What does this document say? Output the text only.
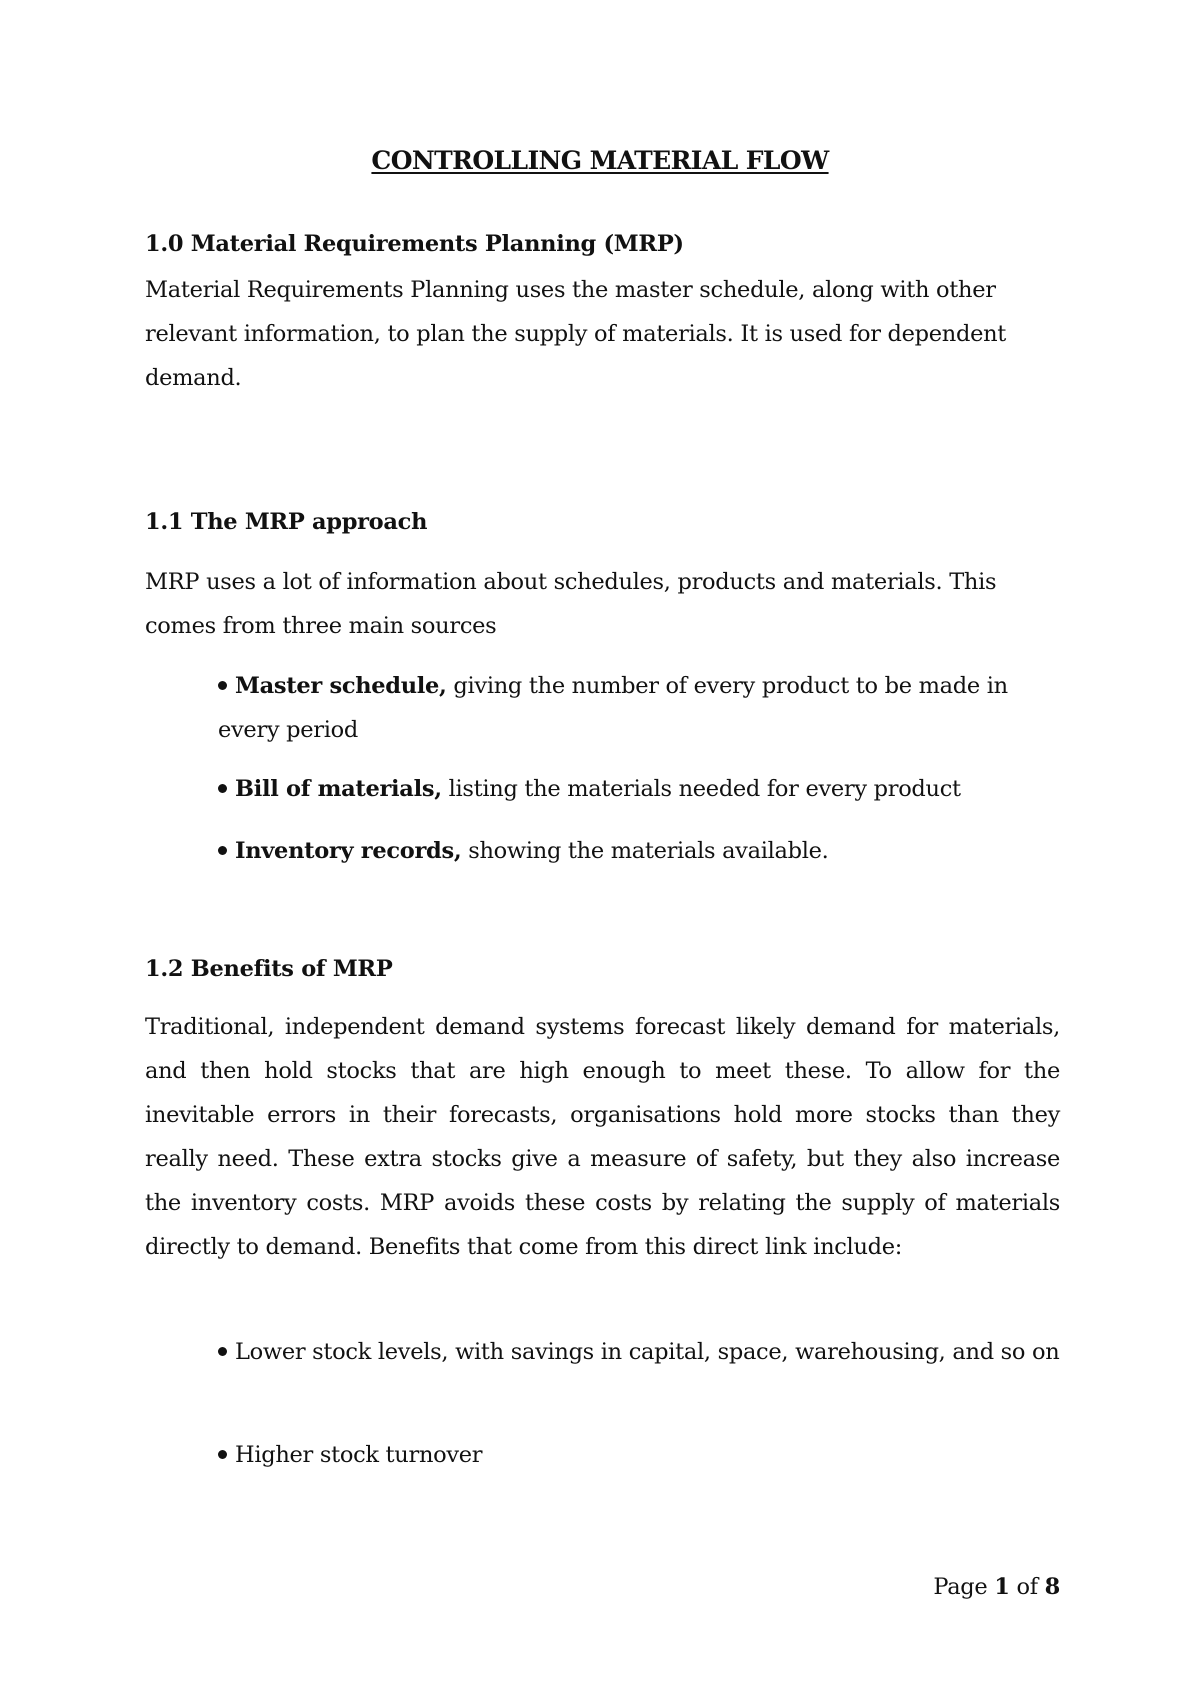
CONTROLLING MATERIAL FLOW
1.0 Material Requirements Planning (MRP)
Material Requirements Planning uses the master schedule, along with other relevant information, to plan the supply of materials. It is used for dependent demand.
1.1 The MRP approach
MRP uses a lot of information about schedules, products and materials. This comes from three main sources
Master schedule, giving the number of every product to be made in every period
Bill of materials, listing the materials needed for every product
Inventory records, showing the materials available.
1.2 Benefits of MRP
Traditional, independent demand systems forecast likely demand for materials, and then hold stocks that are high enough to meet these. To allow for the inevitable errors in their forecasts, organisations hold more stocks than they really need. These extra stocks give a measure of safety, but they also increase the inventory costs. MRP avoids these costs by relating the supply of materials directly to demand. Benefits that come from this direct link include:
Lower stock levels, with savings in capital, space, warehousing, and so on
Higher stock turnover
Page 1 of 8
